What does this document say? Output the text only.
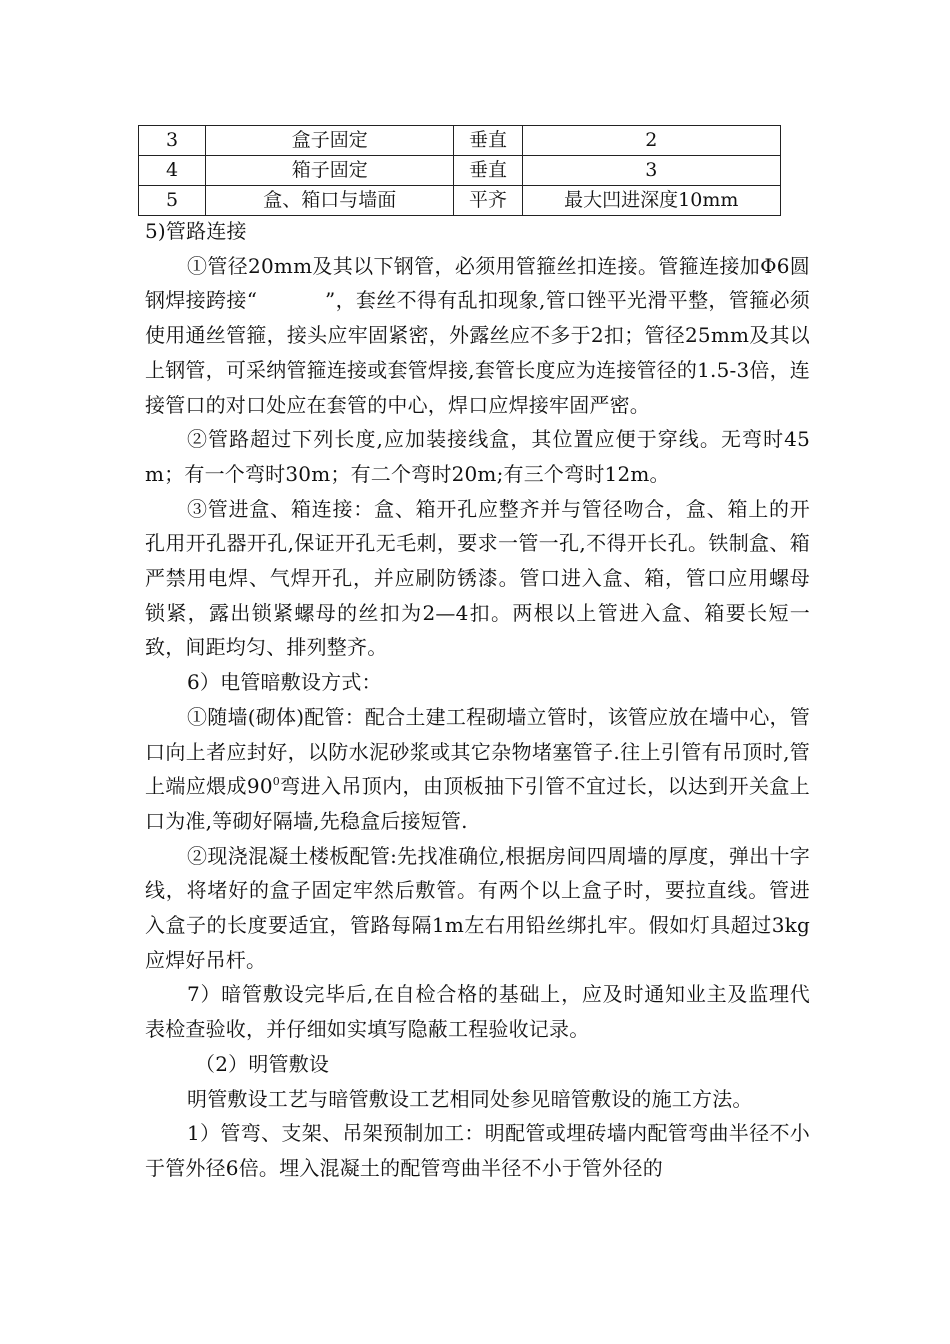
3	盒子固定	垂直	2
4	箱子固定	垂直	3
5	盒、箱口与墙面	平齐	最大凹进深度10mm

5)管路连接

①管径20mm及其以下钢管，必须用管箍丝扣连接。管箍连接加Φ6圆钢焊接跨接“　　　 ”，套丝不得有乱扣现象,管口锉平光滑平整，管箍必须使用通丝管箍，接头应牢固紧密，外露丝应不多于2扣；管径25mm及其以上钢管，可采纳管箍连接或套管焊接,套管长度应为连接管径的1.5-3倍，连接管口的对口处应在套管的中心，焊口应焊接牢固严密。

②管路超过下列长度,应加装接线盒，其位置应便于穿线。无弯时45m；有一个弯时30m；有二个弯时20m;有三个弯时12m。

③管进盒、箱连接：盒、箱开孔应整齐并与管径吻合，盒、箱上的开孔用开孔器开孔,保证开孔无毛刺，要求一管一孔,不得开长孔。铁制盒、箱严禁用电焊、气焊开孔，并应刷防锈漆。管口进入盒、箱，管口应用螺母锁紧，露出锁紧螺母的丝扣为2—4扣。两根以上管进入盒、箱要长短一致，间距均匀、排列整齐。

6）电管暗敷设方式：

①随墙(砌体)配管：配合土建工程砌墙立管时，该管应放在墙中心，管口向上者应封好，以防水泥砂浆或其它杂物堵塞管子.往上引管有吊顶时,管上端应煨成$90^0$弯进入吊顶内，由顶板抽下引管不宜过长，以达到开关盒上口为准,等砌好隔墙,先稳盒后接短管.

②现浇混凝土楼板配管:先找准确位,根据房间四周墙的厚度，弹出十字线，将堵好的盒子固定牢然后敷管。有两个以上盒子时，要拉直线。管进入盒子的长度要适宜，管路每隔1m左右用铅丝绑扎牢。假如灯具超过3kg应焊好吊杆。

7）暗管敷设完毕后,在自检合格的基础上，应及时通知业主及监理代表检查验收，并仔细如实填写隐蔽工程验收记录。

（2）明管敷设

明管敷设工艺与暗管敷设工艺相同处参见暗管敷设的施工方法。

1）管弯、支架、吊架预制加工：明配管或埋砖墙内配管弯曲半径不小于管外径6倍。埋入混凝土的配管弯曲半径不小于管外径的
